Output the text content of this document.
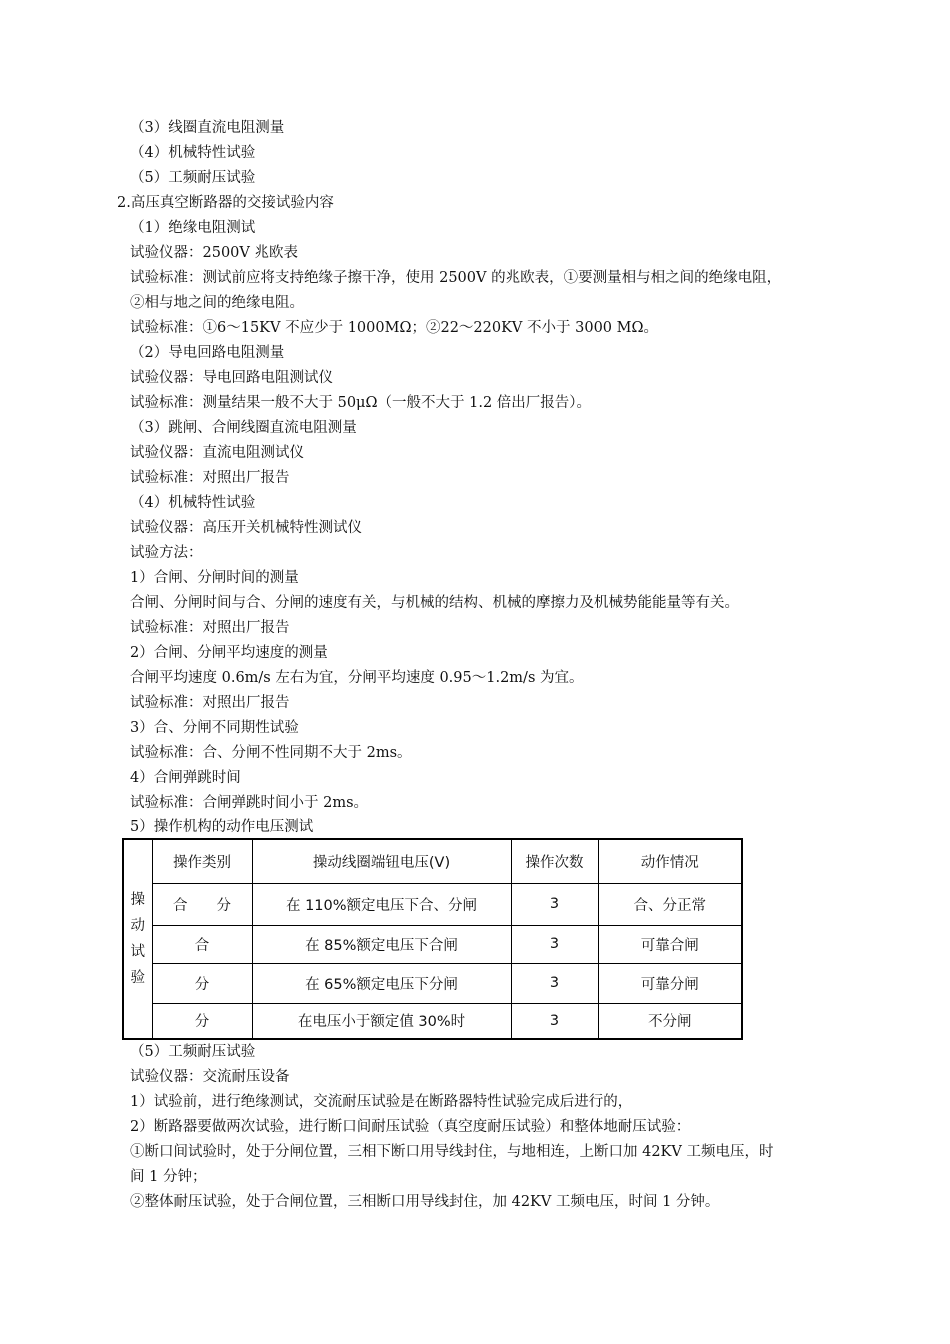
（3）线圈直流电阻测量
（4）机械特性试验
（5）工频耐压试验
2.高压真空断路器的交接试验内容
（1）绝缘电阻测试
试验仪器：2500V 兆欧表
试验标准：测试前应将支持绝缘子擦干净，使用 2500V 的兆欧表，①要测量相与相之间的绝缘电阻，
②相与地之间的绝缘电阻。
试验标准：①6～15KV 不应少于 1000MΩ；②22～220KV 不小于 3000 MΩ。
（2）导电回路电阻测量
试验仪器：导电回路电阻测试仪
试验标准：测量结果一般不大于 50μΩ（一般不大于 1.2 倍出厂报告）。
（3）跳闸、合闸线圈直流电阻测量
试验仪器：直流电阻测试仪
试验标准：对照出厂报告
（4）机械特性试验
试验仪器：高压开关机械特性测试仪
试验方法：
1）合闸、分闸时间的测量
合闸、分闸时间与合、分闸的速度有关，与机械的结构、机械的摩擦力及机械势能能量等有关。
试验标准：对照出厂报告
2）合闸、分闸平均速度的测量
合闸平均速度 0.6m/s 左右为宜，分闸平均速度 0.95～1.2m/s 为宜。
试验标准：对照出厂报告
3）合、分闸不同期性试验
试验标准：合、分闸不性同期不大于 2ms。
4）合闸弹跳时间
试验标准：合闸弹跳时间小于 2ms。
5）操作机构的动作电压测试
操
动
试
验	操作类别	操动线圈端钮电压(V)	操作次数	动作情况
	合　　分	在 110%额定电压下合、分闸	3	合、分正常
	合	在 85%额定电压下合闸	3	可靠合闸
	分	在 65%额定电压下分闸	3	可靠分闸
	分	在电压小于额定值 30%时	3	不分闸
（5）工频耐压试验
试验仪器：交流耐压设备
1）试验前，进行绝缘测试，交流耐压试验是在断路器特性试验完成后进行的，
2）断路器要做两次试验，进行断口间耐压试验（真空度耐压试验）和整体地耐压试验：
①断口间试验时，处于分闸位置，三相下断口用导线封住，与地相连，上断口加 42KV 工频电压，时
间 1 分钟；
②整体耐压试验，处于合闸位置，三相断口用导线封住，加 42KV 工频电压，时间 1 分钟。
